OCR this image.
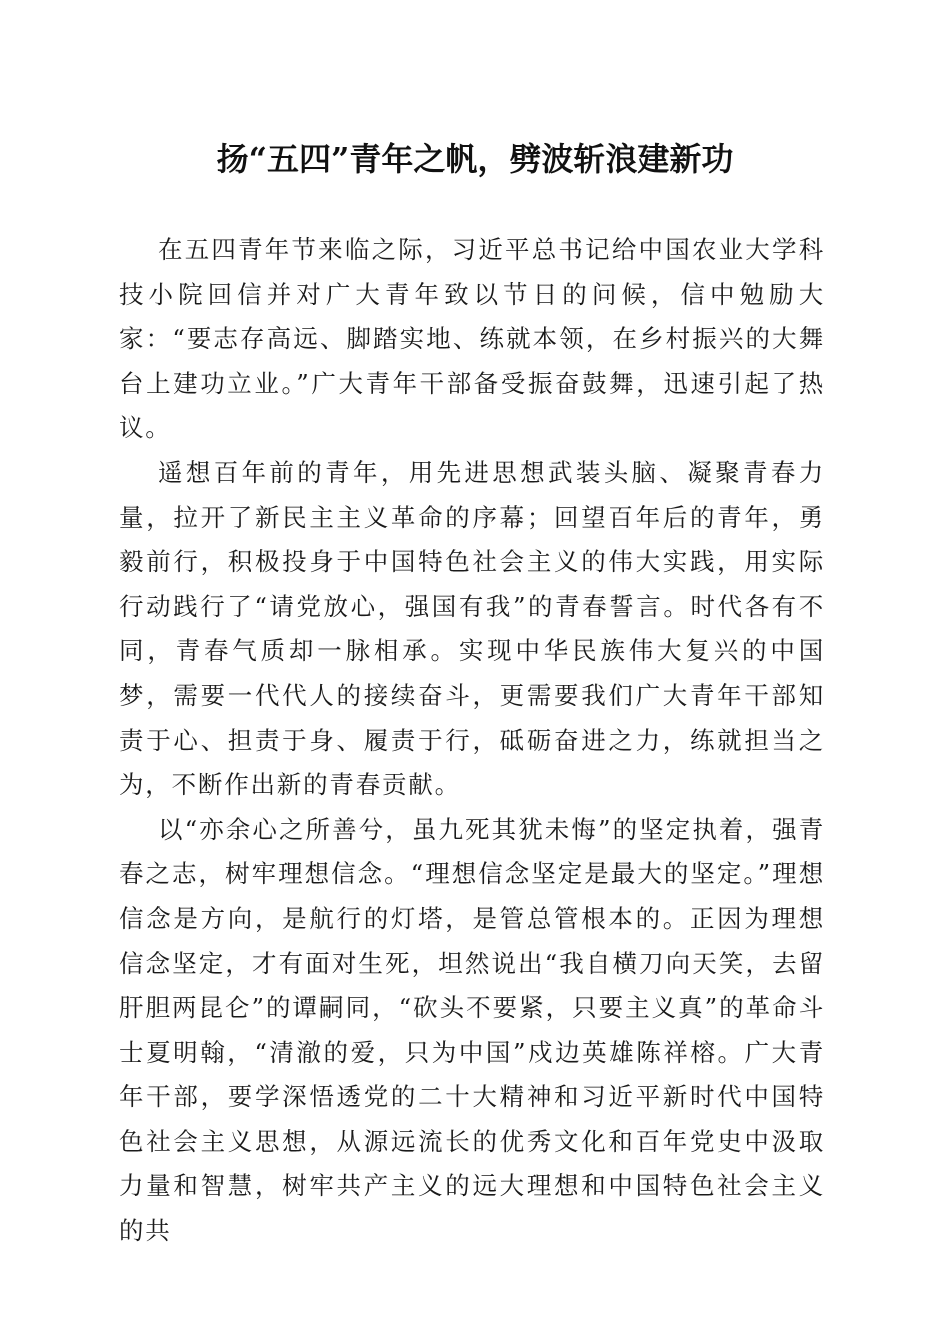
扬“五四”青年之帆，劈波斩浪建新功

在五四青年节来临之际，习近平总书记给中国农业大学科技小院回信并对广大青年致以节日的问候，信中勉励大家：“要志存高远、脚踏实地、练就本领，在乡村振兴的大舞台上建功立业。”广大青年干部备受振奋鼓舞，迅速引起了热议。

遥想百年前的青年，用先进思想武装头脑、凝聚青春力量，拉开了新民主主义革命的序幕；回望百年后的青年，勇毅前行，积极投身于中国特色社会主义的伟大实践，用实际行动践行了“请党放心，强国有我”的青春誓言。时代各有不同，青春气质却一脉相承。实现中华民族伟大复兴的中国梦，需要一代代人的接续奋斗，更需要我们广大青年干部知责于心、担责于身、履责于行，砥砺奋进之力，练就担当之为，不断作出新的青春贡献。

以“亦余心之所善兮，虽九死其犹未悔”的坚定执着，强青春之志，树牢理想信念。“理想信念坚定是最大的坚定。”理想信念是方向，是航行的灯塔，是管总管根本的。正因为理想信念坚定，才有面对生死，坦然说出“我自横刀向天笑，去留肝胆两昆仑”的谭嗣同，“砍头不要紧，只要主义真”的革命斗士夏明翰，“清澈的爱，只为中国”戍边英雄陈祥榕。广大青年干部，要学深悟透党的二十大精神和习近平新时代中国特色社会主义思想，从源远流长的优秀文化和百年党史中汲取力量和智慧，树牢共产主义的远大理想和中国特色社会主义的共
